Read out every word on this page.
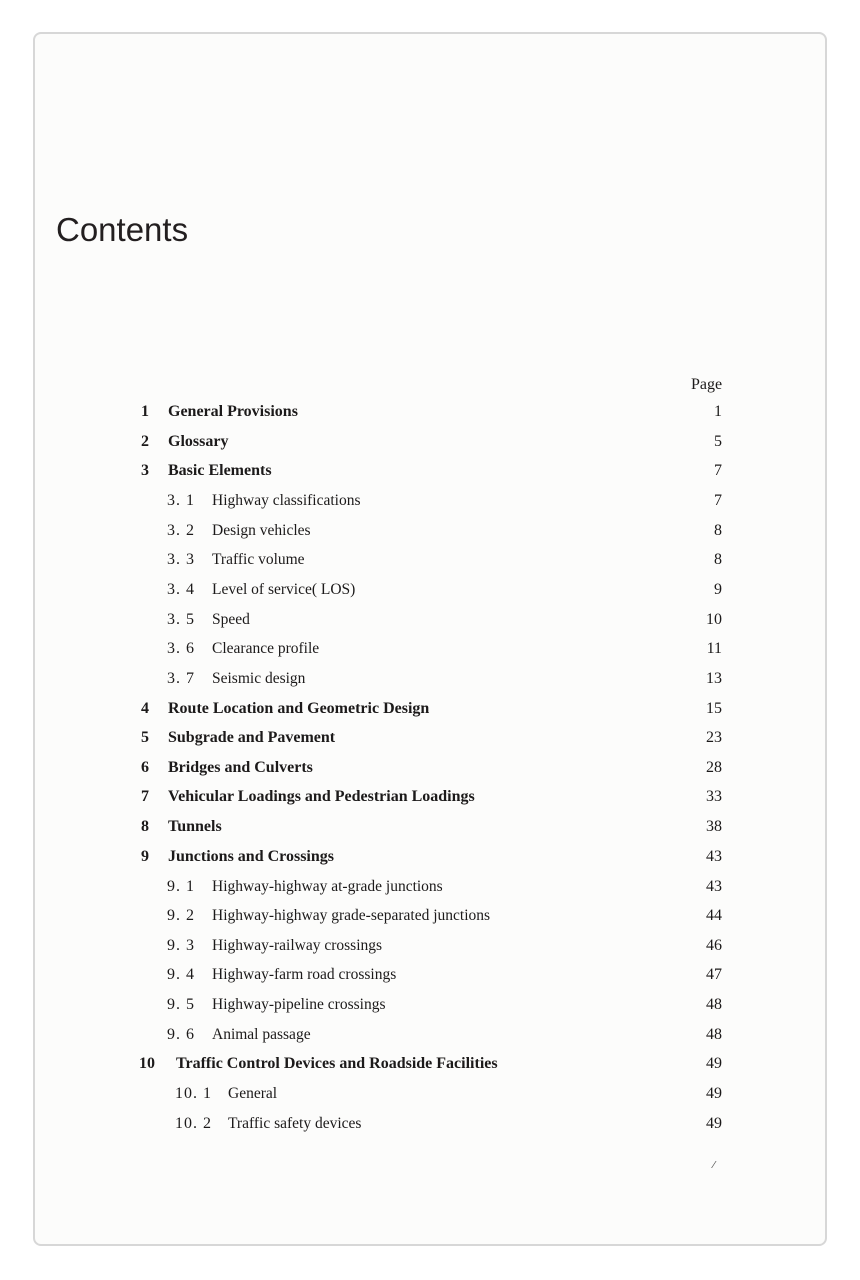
Contents
Page
1 General Provisions	1
2 Glossary	5
3 Basic Elements	7
3. 1 Highway classifications	7
3. 2 Design vehicles	8
3. 3 Traffic volume	8
3. 4 Level of service( LOS)	9
3. 5 Speed	10
3. 6 Clearance profile	11
3. 7 Seismic design	13
4 Route Location and Geometric Design	15
5 Subgrade and Pavement	23
6 Bridges and Culverts	28
7 Vehicular Loadings and Pedestrian Loadings	33
8 Tunnels	38
9 Junctions and Crossings	43
9. 1 Highway-highway at-grade junctions	43
9. 2 Highway-highway grade-separated junctions	44
9. 3 Highway-railway crossings	46
9. 4 Highway-farm road crossings	47
9. 5 Highway-pipeline crossings	48
9. 6 Animal passage	48
10 Traffic Control Devices and Roadside Facilities	49
10. 1 General	49
10. 2 Traffic safety devices	49
⁄
